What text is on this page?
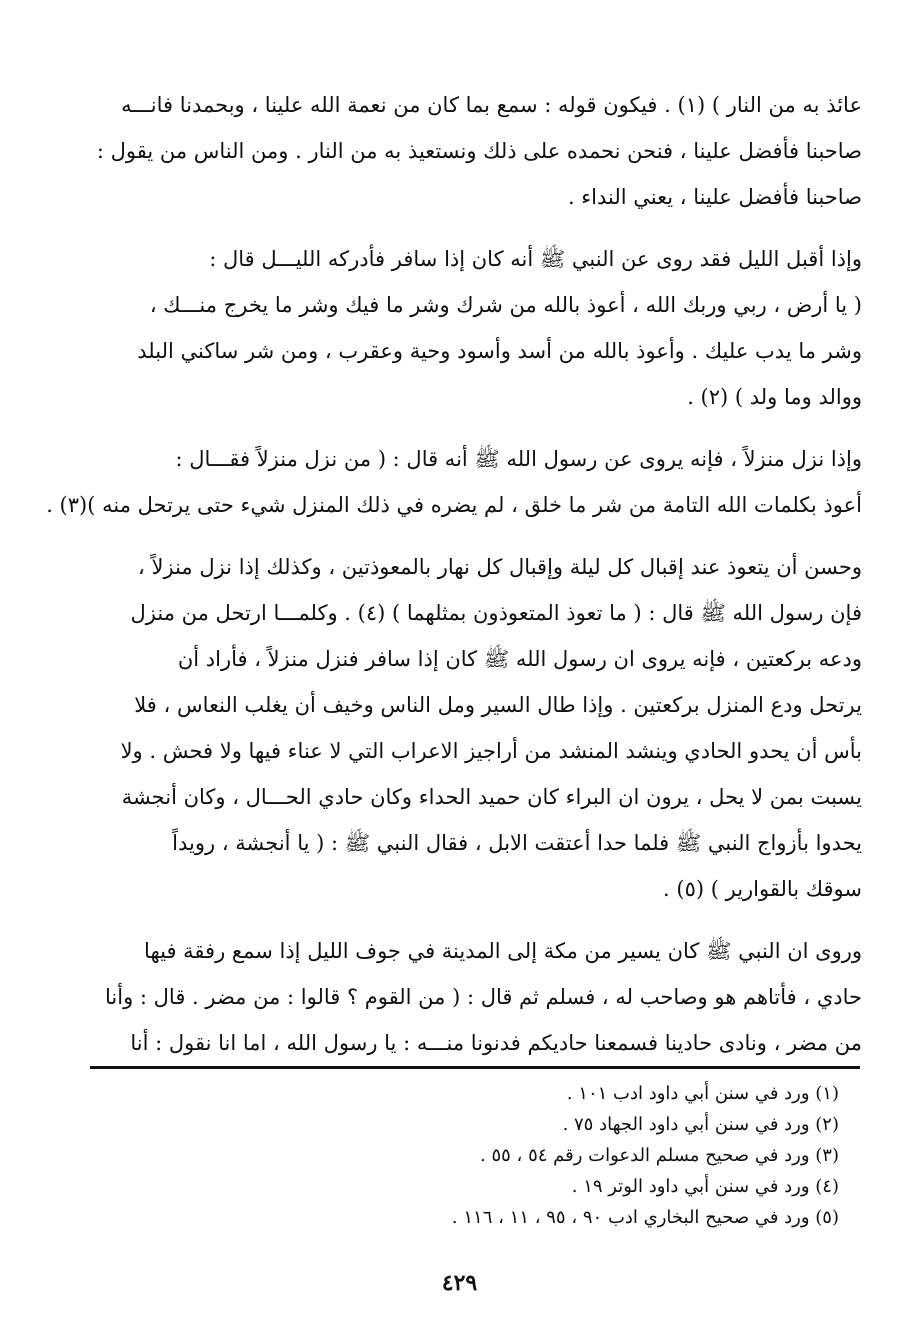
عائذ به من النار ) (١) . فيكون قوله : سمع بما كان من نعمة الله علينا ، وبحمدنا فانـــه
صاحبنا فأفضل علينا ، فنحن نحمده على ذلك ونستعيذ به من النار . ومن الناس من يقول :
صاحبنا فأفضل علينا ، يعني النداء .
وإذا أقبل الليل فقد روى عن النبي ﷺ أنه كان إذا سافر فأدركه الليـــل قال :
( يا أرض ، ربي وربك الله ، أعوذ بالله من شرك وشر ما فيك وشر ما يخرج منـــك ،
وشر ما يدب عليك . وأعوذ بالله من أسد وأسود وحية وعقرب ، ومن شر ساكني البلد
ووالد وما ولد ) (٢) .
وإذا نزل منزلاً ، فإنه يروى عن رسول الله ﷺ أنه قال : ( من نزل منزلاً فقـــال :
أعوذ بكلمات الله التامة من شر ما خلق ، لم يضره في ذلك المنزل شيء حتى يرتحل منه )(٣) .
وحسن أن يتعوذ عند إقبال كل ليلة وإقبال كل نهار بالمعوذتين ، وكذلك إذا نزل منزلاً ،
فإن رسول الله ﷺ قال : ( ما تعوذ المتعوذون بمثلهما ) (٤) . وكلمـــا ارتحل من منزل
ودعه بركعتين ، فإنه يروى ان رسول الله ﷺ كان إذا سافر فنزل منزلاً ، فأراد أن
يرتحل ودع المنزل بركعتين . وإذا طال السير ومل الناس وخيف أن يغلب النعاس ، فلا
بأس أن يحدو الحادي وينشد المنشد من أراجيز الاعراب التي لا عناء فيها ولا فحش . ولا
يسبت بمن لا يحل ، يرون ان البراء كان حميد الحداء وكان حادي الحـــال ، وكان أنجشة
يحدوا بأزواج النبي ﷺ فلما حدا أعتقت الابل ، فقال النبي ﷺ : ( يا أنجشة ، رويداً
سوقك بالقوارير ) (٥) .
وروى ان النبي ﷺ كان يسير من مكة إلى المدينة في جوف الليل إذا سمع رفقة فيها
حادي ، فأتاهم هو وصاحب له ، فسلم ثم قال : ( من القوم ؟ قالوا : من مضر . قال : وأنا
من مضر ، ونادى حادينا فسمعنا حاديكم فدنونا منـــه : يا رسول الله ، اما انا نقول : أنا
(١) ورد في سنن أبي داود ادب ١٠١ .
(٢) ورد في سنن أبي داود الجهاد ٧٥ .
(٣) ورد في صحيح مسلم الدعوات رقم ٥٤ ، ٥٥ .
(٤) ورد في سنن أبي داود الوتر ١٩ .
(٥) ورد في صحيح البخاري ادب ٩٠ ، ٩٥ ، ١١ ، ١١٦ .
٤٢٩
